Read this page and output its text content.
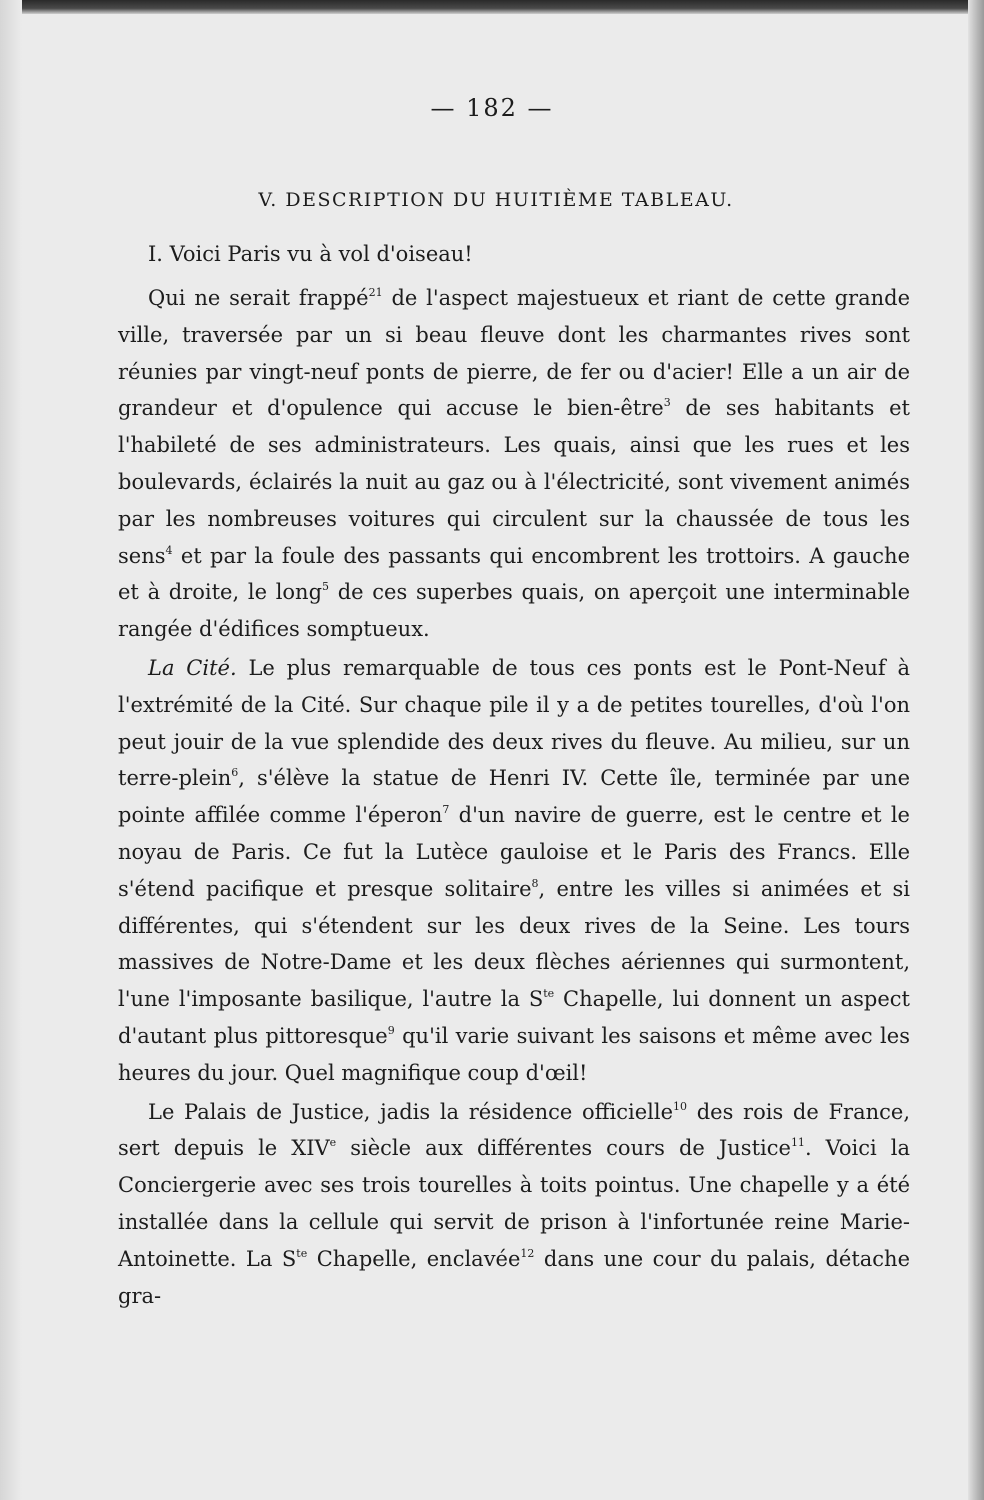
— 182 —
V. DESCRIPTION DU HUITIÈME TABLEAU.
I. Voici Paris vu à vol d'oiseau!

Qui ne serait frappé$^{21}$ de l'aspect majestueux et riant de cette grande ville, traversée par un si beau fleuve dont les charmantes rives sont réunies par vingt-neuf ponts de pierre, de fer ou d'acier! Elle a un air de grandeur et d'opulence qui accuse le bien-être$^3$ de ses habitants et l'habileté de ses administrateurs. Les quais, ainsi que les rues et les boulevards, éclairés la nuit au gaz ou à l'électricité, sont vivement animés par les nombreuses voitures qui circulent sur la chaussée de tous les sens$^4$ et par la foule des passants qui encombrent les trottoirs. A gauche et à droite, le long$^5$ de ces superbes quais, on aperçoit une interminable rangée d'édifices somptueux.

La Cité. Le plus remarquable de tous ces ponts est le Pont-Neuf à l'extrémité de la Cité. Sur chaque pile il y a de petites tourelles, d'où l'on peut jouir de la vue splendide des deux rives du fleuve. Au milieu, sur un terre-plein$^6$, s'élève la statue de Henri IV. Cette île, terminée par une pointe affilée comme l'éperon$^7$ d'un navire de guerre, est le centre et le noyau de Paris. Ce fut la Lutèce gauloise et le Paris des Francs. Elle s'étend pacifique et presque solitaire$^8$, entre les villes si animées et si différentes, qui s'étendent sur les deux rives de la Seine. Les tours massives de Notre-Dame et les deux flèches aériennes qui surmontent, l'une l'imposante basilique, l'autre la $S^{te}$ Chapelle, lui donnent un aspect d'autant plus pittoresque$^9$ qu'il varie suivant les saisons et même avec les heures du jour. Quel magnifique coup d'œil!

Le Palais de Justice, jadis la résidence officielle$^{10}$ des rois de France, sert depuis le XIVe siècle aux différentes cours de Justice$^{11}$. Voici la Conciergerie avec ses trois tourelles à toits pointus. Une chapelle y a été installée dans la cellule qui servit de prison à l'infortunée reine Marie-Antoinette. La $S^{te}$ Chapelle, enclavée$^{12}$ dans une cour du palais, détache gra-
